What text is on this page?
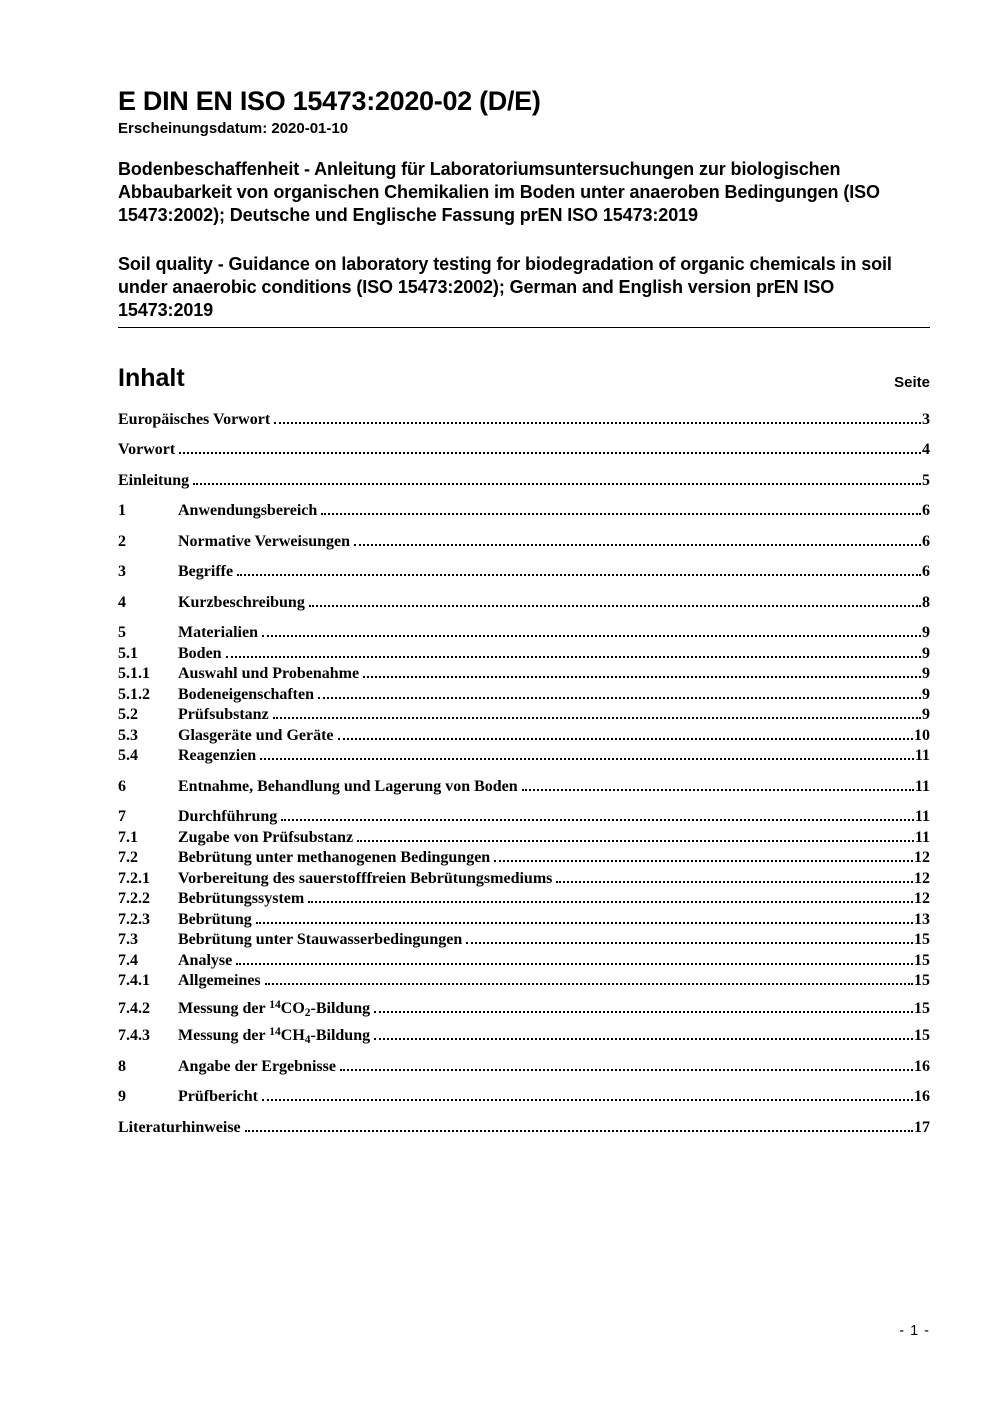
E DIN EN ISO 15473:2020-02 (D/E)
Erscheinungsdatum: 2020-01-10

Bodenbeschaffenheit - Anleitung für Laboratoriumsuntersuchungen zur biologischen Abbaubarkeit von organischen Chemikalien im Boden unter anaeroben Bedingungen (ISO 15473:2002); Deutsche und Englische Fassung prEN ISO 15473:2019

Soil quality - Guidance on laboratory testing for biodegradation of organic chemicals in soil under anaerobic conditions (ISO 15473:2002); German and English version prEN ISO 15473:2019

Inhalt	Seite
Europäisches Vorwort	3
Vorwort	4
Einleitung	5
1	Anwendungsbereich	6
2	Normative Verweisungen	6
3	Begriffe	6
4	Kurzbeschreibung	8
5	Materialien	9
5.1	Boden	9
5.1.1	Auswahl und Probenahme	9
5.1.2	Bodeneigenschaften	9
5.2	Prüfsubstanz	9
5.3	Glasgeräte und Geräte	10
5.4	Reagenzien	11
6	Entnahme, Behandlung und Lagerung von Boden	11
7	Durchführung	11
7.1	Zugabe von Prüfsubstanz	11
7.2	Bebrütung unter methanogenen Bedingungen	12
7.2.1	Vorbereitung des sauerstofffreien Bebrütungsmediums	12
7.2.2	Bebrütungssystem	12
7.2.3	Bebrütung	13
7.3	Bebrütung unter Stauwasserbedingungen	15
7.4	Analyse	15
7.4.1	Allgemeines	15
7.4.2	Messung der $^{14}CO_2$-Bildung	15
7.4.3	Messung der $^{14}CH_4$-Bildung	15
8	Angabe der Ergebnisse	16
9	Prüfbericht	16
Literaturhinweise	17
- 1 -
